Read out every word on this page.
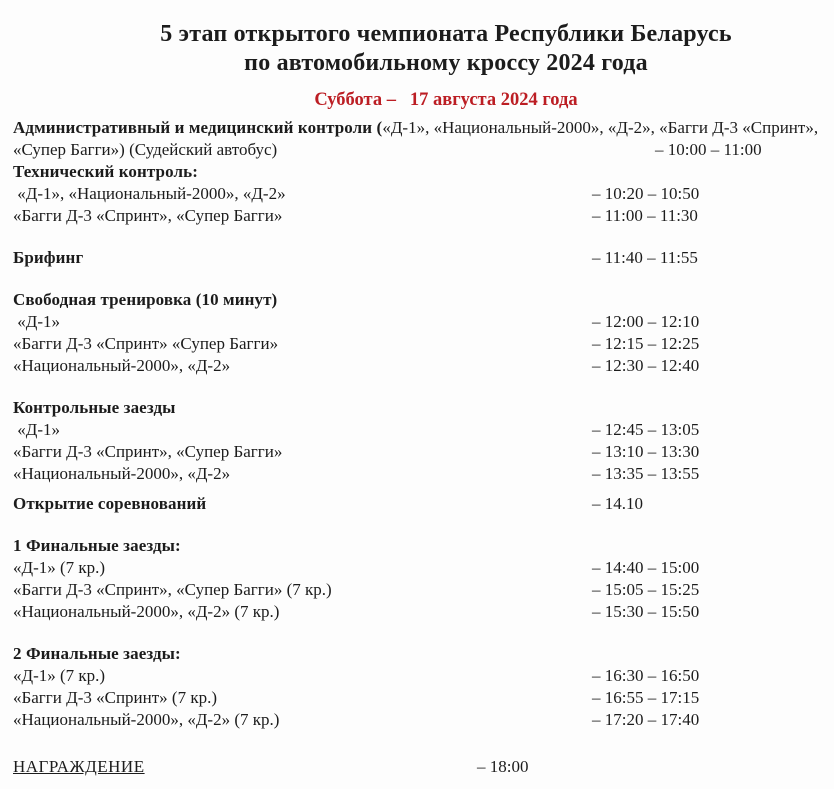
5 этап открытого чемпионата Республики Беларусь
по автомобильному кроссу 2024 года
Суббота –   17 августа 2024 года
Административный и медицинский контроли («Д-1», «Национальный-2000», «Д-2», «Багги Д-3 «Спринт»,
«Супер Багги») (Судейский автобус)	– 10:00 – 11:00
Технический контроль:
«Д-1», «Национальный-2000», «Д-2»	– 10:20 – 10:50
«Багги Д-3 «Спринт», «Супер Багги»	– 11:00 – 11:30
Брифинг	– 11:40 – 11:55
Свободная тренировка (10 минут)
«Д-1»	– 12:00 – 12:10
«Багги Д-3 «Спринт» «Супер Багги»	– 12:15 – 12:25
«Национальный-2000», «Д-2»	– 12:30 – 12:40
Контрольные заезды
«Д-1»	– 12:45 – 13:05
«Багги Д-3 «Спринт», «Супер Багги»	– 13:10 – 13:30
«Национальный-2000», «Д-2»	– 13:35 – 13:55
Открытие соревнований	– 14.10
1 Финальные заезды:
«Д-1» (7 кр.)	– 14:40 – 15:00
«Багги Д-3 «Спринт», «Супер Багги» (7 кр.)	– 15:05 – 15:25
«Национальный-2000», «Д-2» (7 кр.)	– 15:30 – 15:50
2 Финальные заезды:
«Д-1» (7 кр.)	– 16:30 – 16:50
«Багги Д-3 «Спринт» (7 кр.)	– 16:55 – 17:15
«Национальный-2000», «Д-2» (7 кр.)	– 17:20 – 17:40
НАГРАЖДЕНИЕ	– 18:00
